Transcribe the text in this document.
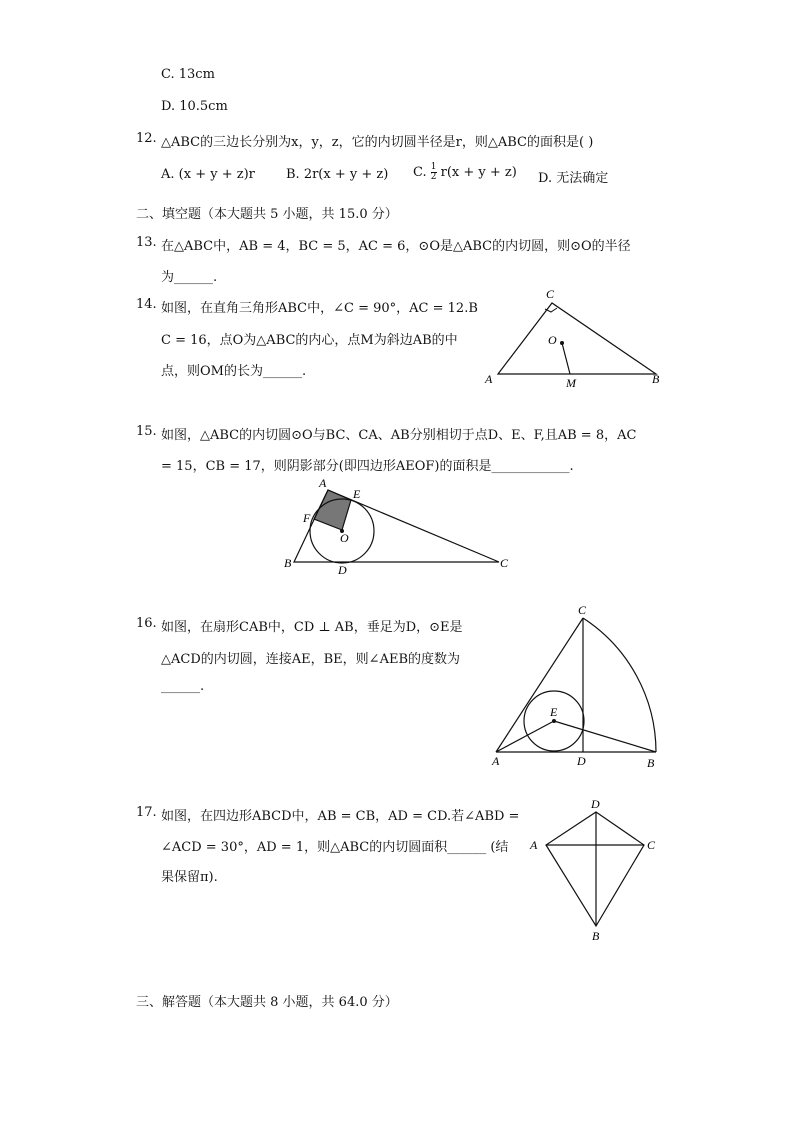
C. 13cm
D. 10.5cm
12. △ABC的三边长分别为x，y，z，它的内切圆半径是r，则△ABC的面积是( )
A. (x + y + z)r B. 2r(x + y + z) C. $\frac{1}{2} r(x + y + z)$ D. 无法确定
二、填空题（本大题共 5 小题，共 15.0 分）
13. 在△ABC中，AB = 4，BC = 5，AC = 6，⊙O是△ABC的内切圆，则⊙O的半径
为______.
14. 如图，在直角三角形ABC中，∠C = 90°，AC = 12.B
C = 16，点O为△ABC的内心，点M为斜边AB的中
点，则OM的长为______.
C
O
A	M	B
15. 如图，△ABC的内切圆⊙O与BC、CA、AB分别相切于点D、E、F,且AB = 8，AC
= 15，CB = 17，则阴影部分(即四边形AEOF)的面积是____________.
A
E
F
O
B	D	C
16. 如图，在扇形CAB中，CD ⊥ AB，垂足为D，⊙E是
△ACD的内切圆，连接AE，BE，则∠AEB的度数为
______.
C
E
A	D	B
17. 如图，在四边形ABCD中，AB = CB，AD = CD.若∠ABD =
∠ACD = 30°，AD = 1，则△ABC的内切圆面积______ (结
果保留π).
D
A	C
B
三、解答题（本大题共 8 小题，共 64.0 分）
